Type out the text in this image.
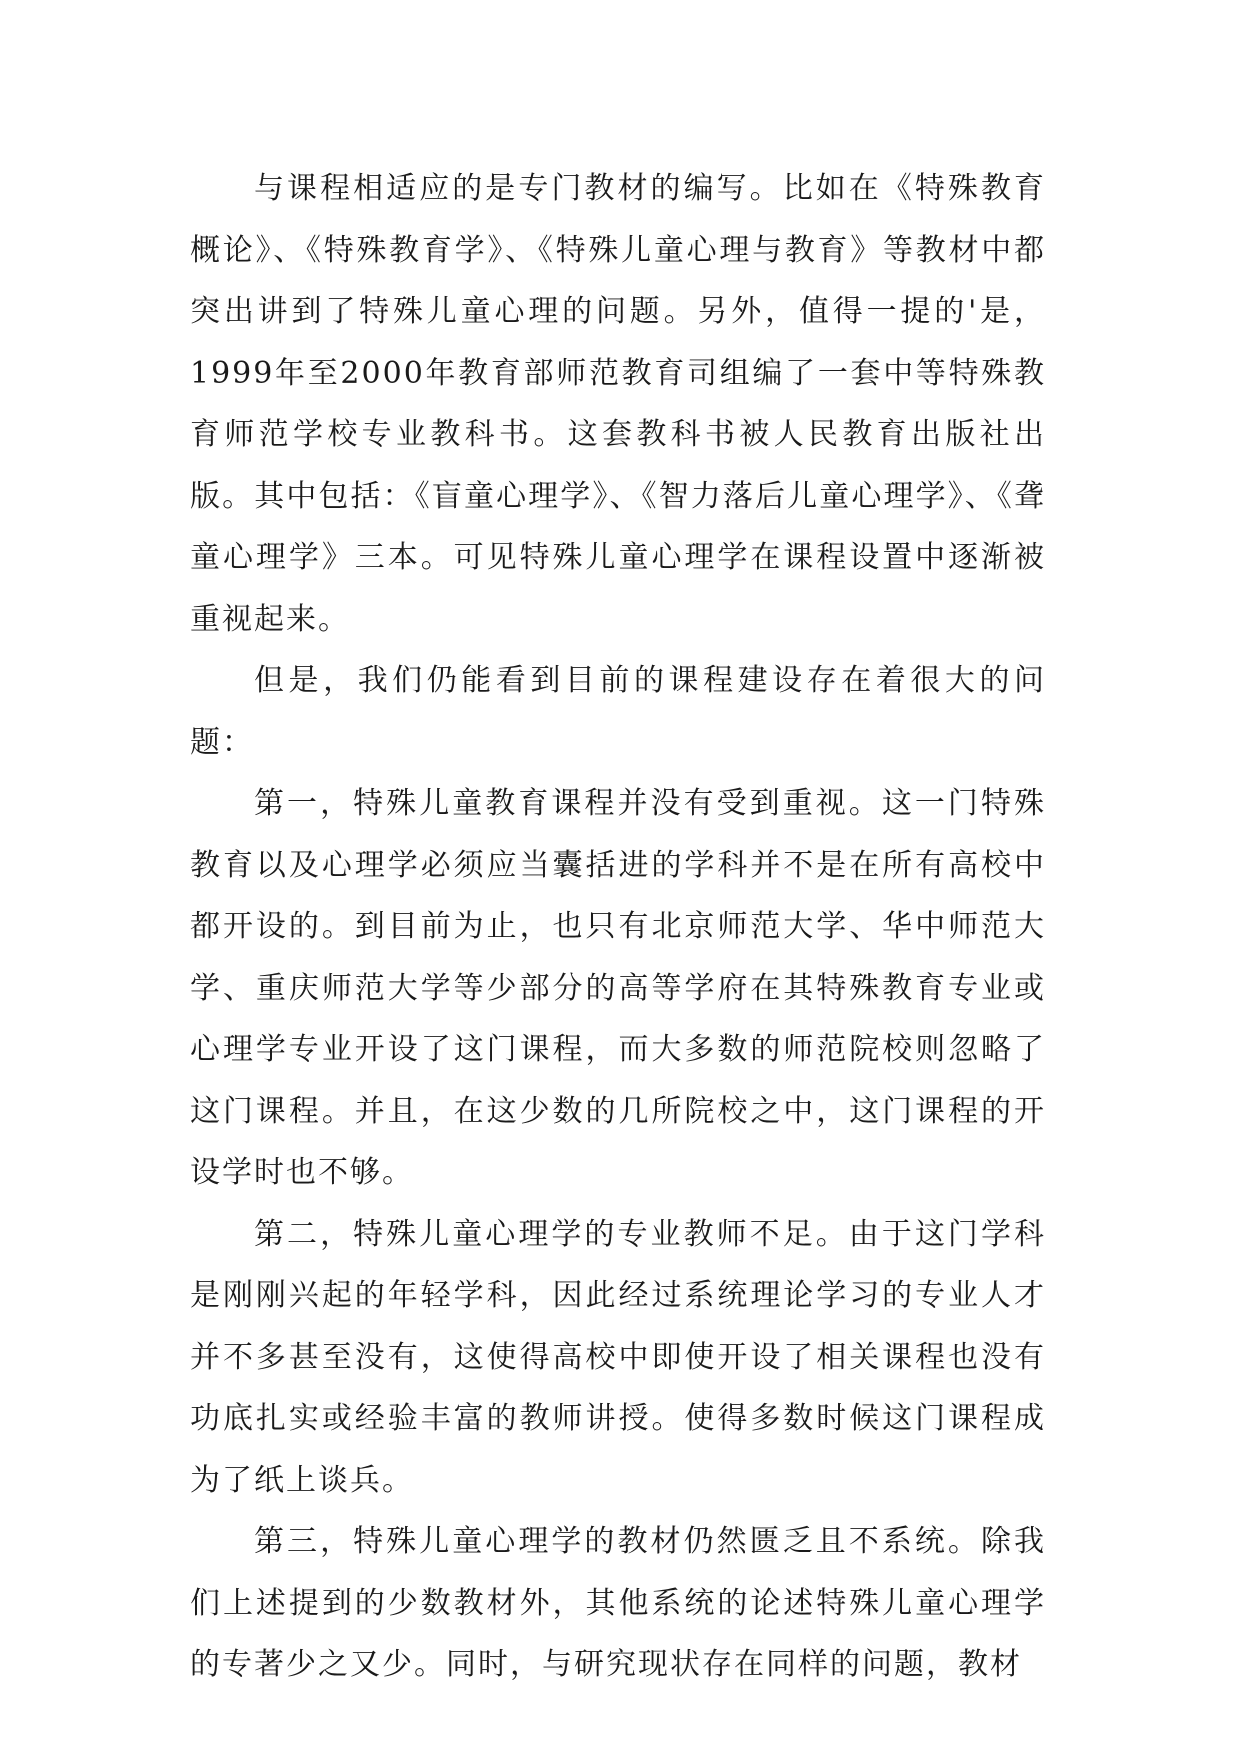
与课程相适应的是专门教材的编写。比如在《特殊教育概论》、《特殊教育学》、《特殊儿童心理与教育》等教材中都突出讲到了特殊儿童心理的问题。另外，值得一提的'是，1999年至2000年教育部师范教育司组编了一套中等特殊教育师范学校专业教科书。这套教科书被人民教育出版社出版。其中包括：《盲童心理学》、《智力落后儿童心理学》、《聋童心理学》三本。可见特殊儿童心理学在课程设置中逐渐被重视起来。

但是，我们仍能看到目前的课程建设存在着很大的问题：

第一，特殊儿童教育课程并没有受到重视。这一门特殊教育以及心理学必须应当囊括进的学科并不是在所有高校中都开设的。到目前为止，也只有北京师范大学、华中师范大学、重庆师范大学等少部分的高等学府在其特殊教育专业或心理学专业开设了这门课程，而大多数的师范院校则忽略了这门课程。并且，在这少数的几所院校之中，这门课程的开设学时也不够。

第二，特殊儿童心理学的专业教师不足。由于这门学科是刚刚兴起的年轻学科，因此经过系统理论学习的专业人才并不多甚至没有，这使得高校中即使开设了相关课程也没有功底扎实或经验丰富的教师讲授。使得多数时候这门课程成为了纸上谈兵。

第三，特殊儿童心理学的教材仍然匮乏且不系统。除我们上述提到的少数教材外，其他系统的论述特殊儿童心理学的专著少之又少。同时，与研究现状存在同样的问题，教材
